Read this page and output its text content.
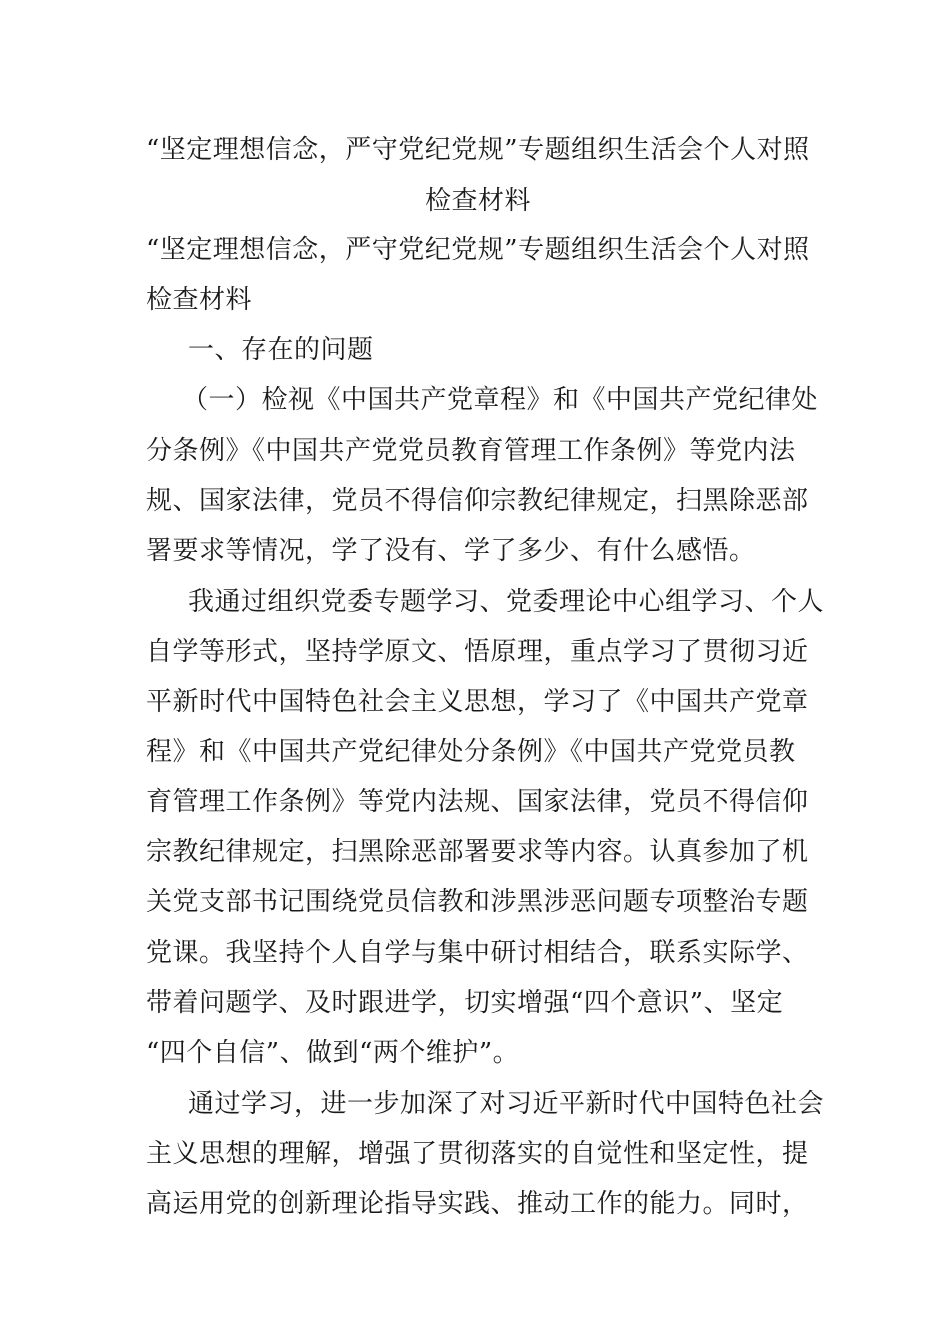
“坚定理想信念，严守党纪党规”专题组织生活会个人对照
检查材料
“坚定理想信念，严守党纪党规”专题组织生活会个人对照
检查材料
一、存在的问题
（一）检视《中国共产党章程》和《中国共产党纪律处
分条例》《中国共产党党员教育管理工作条例》等党内法
规、国家法律，党员不得信仰宗教纪律规定，扫黑除恶部
署要求等情况，学了没有、学了多少、有什么感悟。
我通过组织党委专题学习、党委理论中心组学习、个人
自学等形式，坚持学原文、悟原理，重点学习了贯彻习近
平新时代中国特色社会主义思想，学习了《中国共产党章
程》和《中国共产党纪律处分条例》《中国共产党党员教
育管理工作条例》等党内法规、国家法律，党员不得信仰
宗教纪律规定，扫黑除恶部署要求等内容。认真参加了机
关党支部书记围绕党员信教和涉黑涉恶问题专项整治专题
党课。我坚持个人自学与集中研讨相结合，联系实际学、
带着问题学、及时跟进学，切实增强“四个意识”、坚定
“四个自信”、做到“两个维护”。
通过学习，进一步加深了对习近平新时代中国特色社会
主义思想的理解，增强了贯彻落实的自觉性和坚定性，提
高运用党的创新理论指导实践、推动工作的能力。同时，
